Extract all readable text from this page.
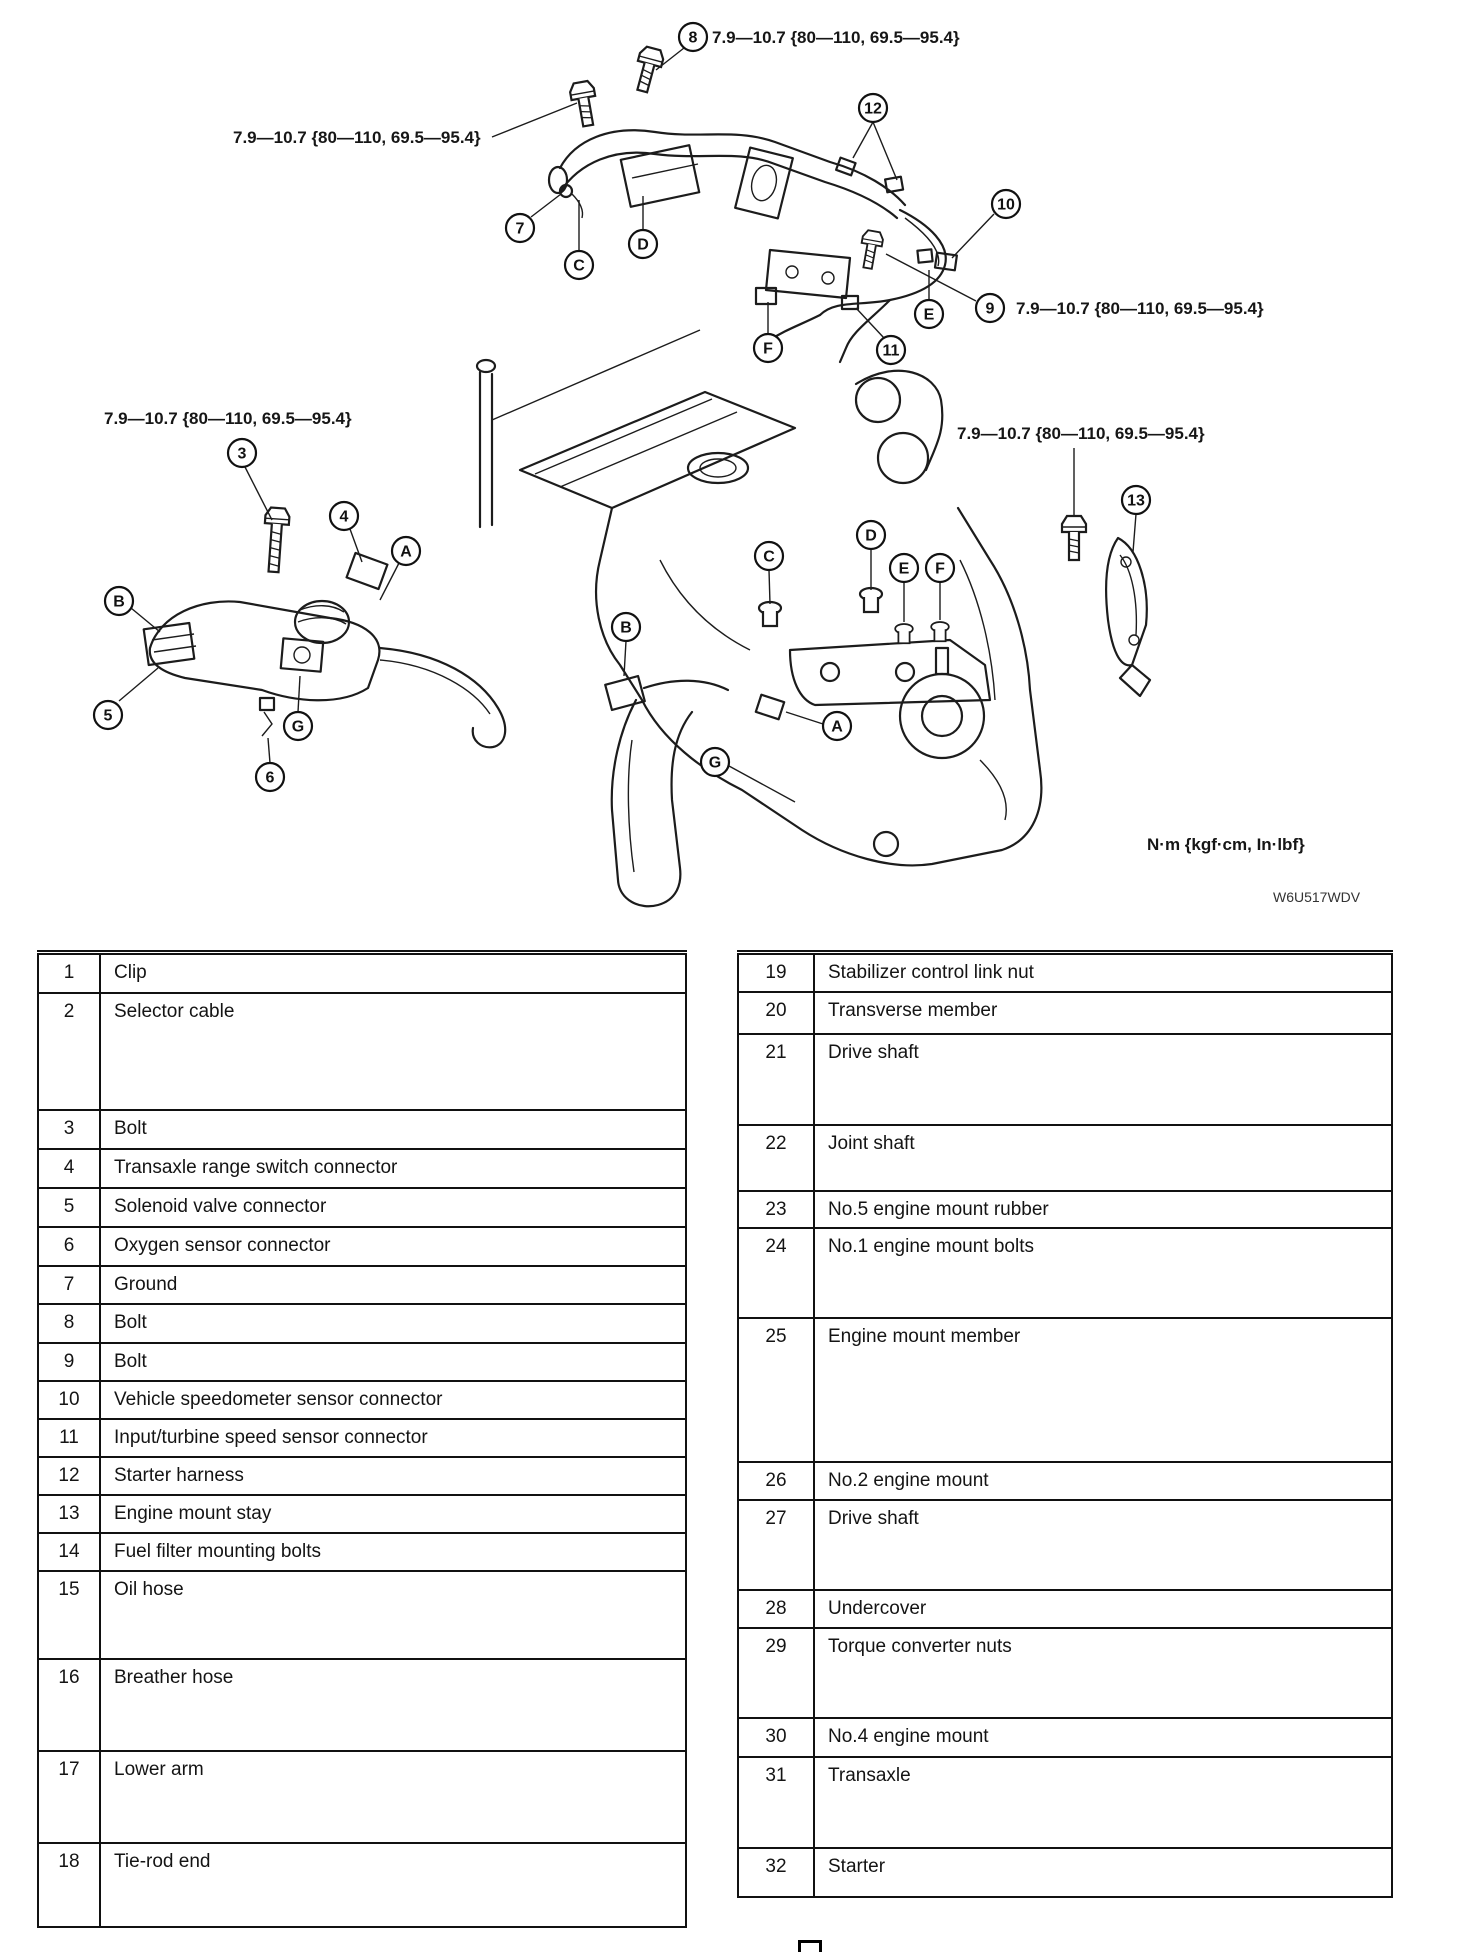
7.9—10.7 {80—110, 69.5—95.4}
7.9—10.7 {80—110, 69.5—95.4}
7.9—10.7 {80—110, 69.5—95.4}
7.9—10.7 {80—110, 69.5—95.4}
7.9—10.7 {80—110, 69.5—95.4}
N·m {kgf·cm, In·lbf}
W6U517WDV
8
12
10
7
C
D
E	9
F	11
3
4
A
B
13
C
D
E F
B
5
G
6
A
G
1	Clip
2	Selector cable
3	Bolt
4	Transaxle range switch connector
5	Solenoid valve connector
6	Oxygen sensor connector
7	Ground
8	Bolt
9	Bolt
10	Vehicle speedometer sensor connector
11	Input/turbine speed sensor connector
12	Starter harness
13	Engine mount stay
14	Fuel filter mounting bolts
15	Oil hose
16	Breather hose
17	Lower arm
18	Tie-rod end
19	Stabilizer control link nut
20	Transverse member
21	Drive shaft
22	Joint shaft
23	No.5 engine mount rubber
24	No.1 engine mount bolts
25	Engine mount member
26	No.2 engine mount
27	Drive shaft
28	Undercover
29	Torque converter nuts
30	No.4 engine mount
31	Transaxle
32	Starter
